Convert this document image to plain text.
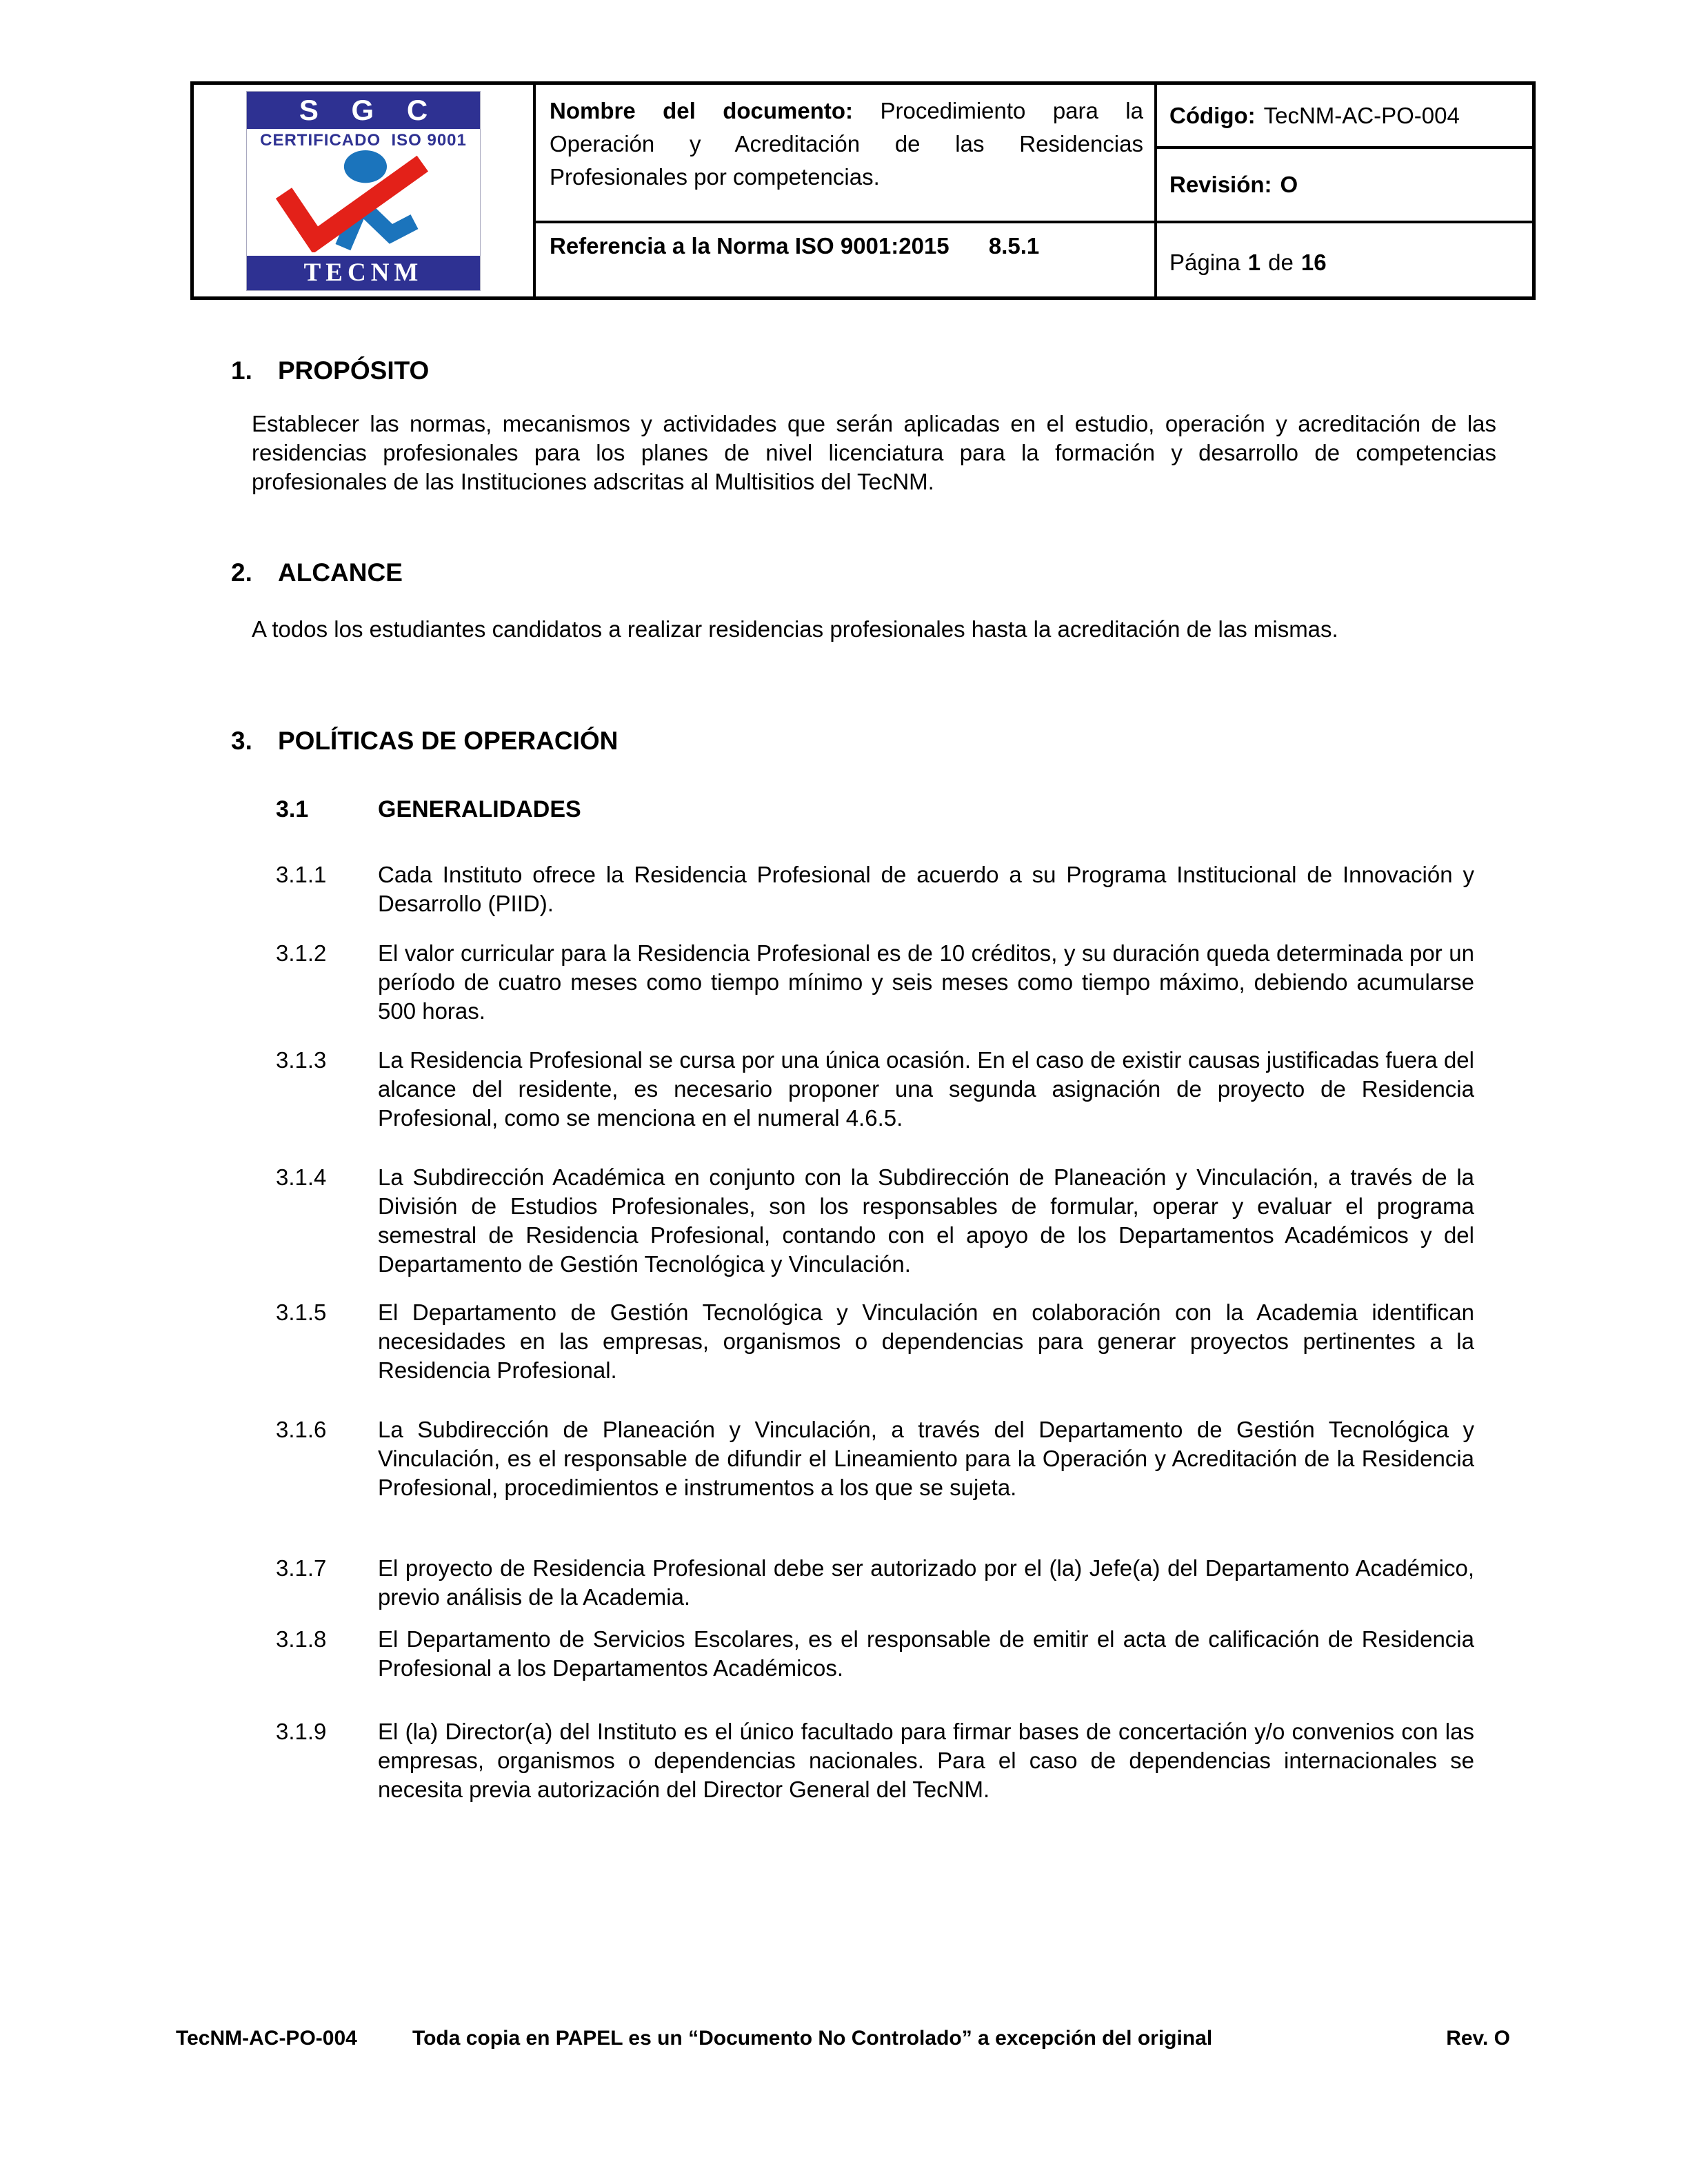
S G C
CERTIFICADO  ISO 9001
TECNM
Nombre del documento: Procedimiento para la Operación y Acreditación de las Residencias Profesionales por competencias.
Código: TecNM-AC-PO-004
Revisión: O
Referencia a la Norma ISO 9001:2015 8.5.1
Página 1 de 16
1.	PROPÓSITO
Establecer las normas, mecanismos y actividades que serán aplicadas en el estudio, operación y acreditación de las residencias profesionales para los planes de nivel licenciatura para la formación y desarrollo de competencias profesionales de las Instituciones adscritas al Multisitios del TecNM.
2.	ALCANCE
A todos los estudiantes candidatos a realizar residencias profesionales hasta la acreditación de las mismas.
3.	POLÍTICAS DE OPERACIÓN
3.1	GENERALIDADES
3.1.1	Cada Instituto ofrece la Residencia Profesional de acuerdo a su Programa Institucional de Innovación y Desarrollo (PIID).
3.1.2	El valor curricular para la Residencia Profesional es de 10 créditos, y su duración queda determinada por un período de cuatro meses como tiempo mínimo y seis meses como tiempo máximo, debiendo acumularse 500 horas.
3.1.3	La Residencia Profesional se cursa por una única ocasión. En el caso de existir causas justificadas fuera del alcance del residente, es necesario proponer una segunda asignación de proyecto de Residencia Profesional, como se menciona en el numeral 4.6.5.
3.1.4	La Subdirección Académica en conjunto con la Subdirección de Planeación y Vinculación, a través de la División de Estudios Profesionales, son los responsables de formular, operar y evaluar el programa semestral de Residencia Profesional, contando con el apoyo de los Departamentos Académicos y del Departamento de Gestión Tecnológica y Vinculación.
3.1.5	El Departamento de Gestión Tecnológica y Vinculación en colaboración con la Academia identifican necesidades en las empresas, organismos o dependencias para generar proyectos pertinentes a la Residencia Profesional.
3.1.6	La Subdirección de Planeación y Vinculación, a través del Departamento de Gestión Tecnológica y Vinculación, es el responsable de difundir el Lineamiento para la Operación y Acreditación de la Residencia Profesional, procedimientos e instrumentos a los que se sujeta.
3.1.7	El proyecto de Residencia Profesional debe ser autorizado por el (la) Jefe(a) del Departamento Académico, previo análisis de la Academia.
3.1.8	El Departamento de Servicios Escolares, es el responsable de emitir el acta de calificación de Residencia Profesional a los Departamentos Académicos.
3.1.9	El (la) Director(a) del Instituto es el único facultado para firmar bases de concertación y/o convenios con las empresas, organismos o dependencias nacionales. Para el caso de dependencias internacionales se necesita previa autorización del Director General del TecNM.
TecNM-AC-PO-004	Toda copia en PAPEL es un “Documento No Controlado” a excepción del original	Rev. O
